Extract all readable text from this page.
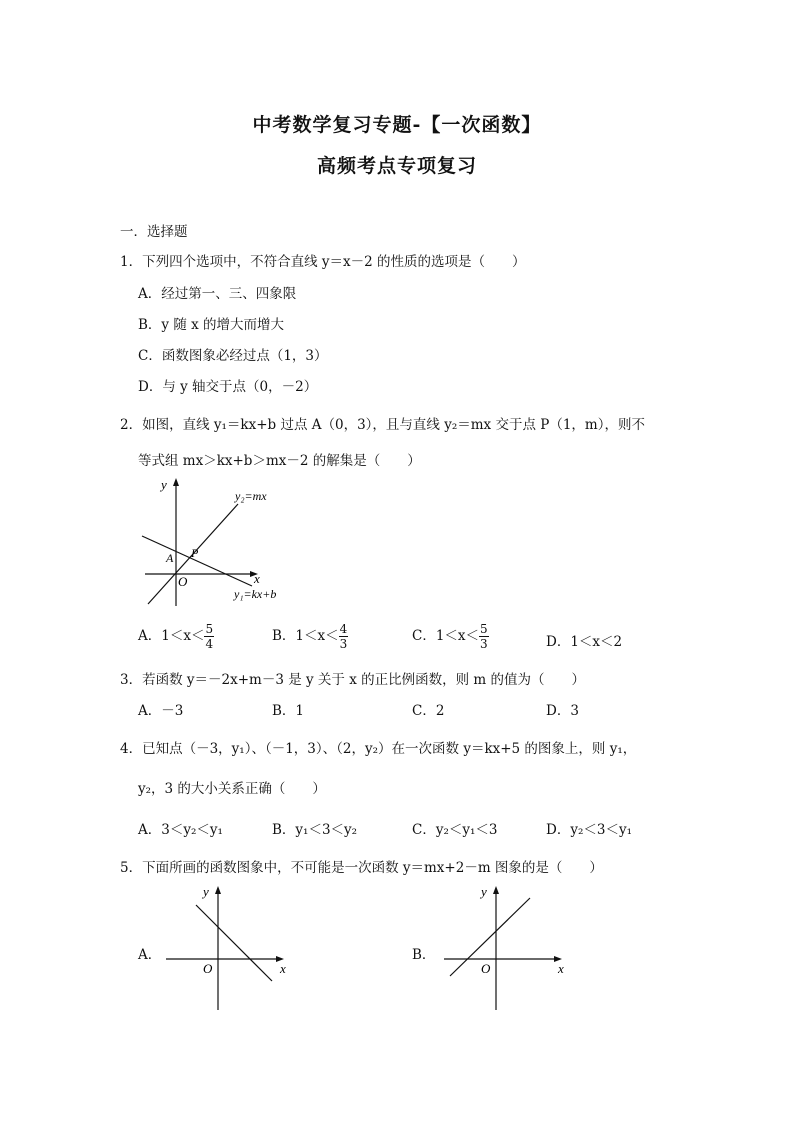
中考数学复习专题-【一次函数】
高频考点专项复习
一．选择题
1．下列四个选项中，不符合直线 y＝x－2 的性质的选项是（　　）
A．经过第一、三、四象限
B．y 随 x 的增大而增大
C．函数图象必经过点（1，3）
D．与 y 轴交于点（0，－2）
2．如图，直线 y₁＝kx+b 过点 A（0，3），且与直线 y₂＝mx 交于点 P（1，m），则不
等式组 mx＞kx+b＞mx－2 的解集是（　　）
y
x
O
A P
y₂=mx
y₁=kx+b
A．$1<x< \frac{5}{4}$	B．$1<x< \frac{4}{3}$	C．$1<x< \frac{5}{3}$	D．1＜x＜2
3．若函数 y＝－2x+m－3 是 y 关于 x 的正比例函数，则 m 的值为（　　）
A．－3	B．1	C．2	D．3
4．已知点（－3，y₁）、（－1，3）、（2，y₂）在一次函数 y＝kx+5 的图象上，则 y₁，
y₂，3 的大小关系正确（　　）
A．3＜y₂＜y₁	B．y₁＜3＜y₂	C．y₂＜y₁＜3	D．y₂＜3＜y₁
5．下面所画的函数图象中，不可能是一次函数 y＝mx+2－m 图象的是（　　）
A．
y
x
O
B．
y
x
O
